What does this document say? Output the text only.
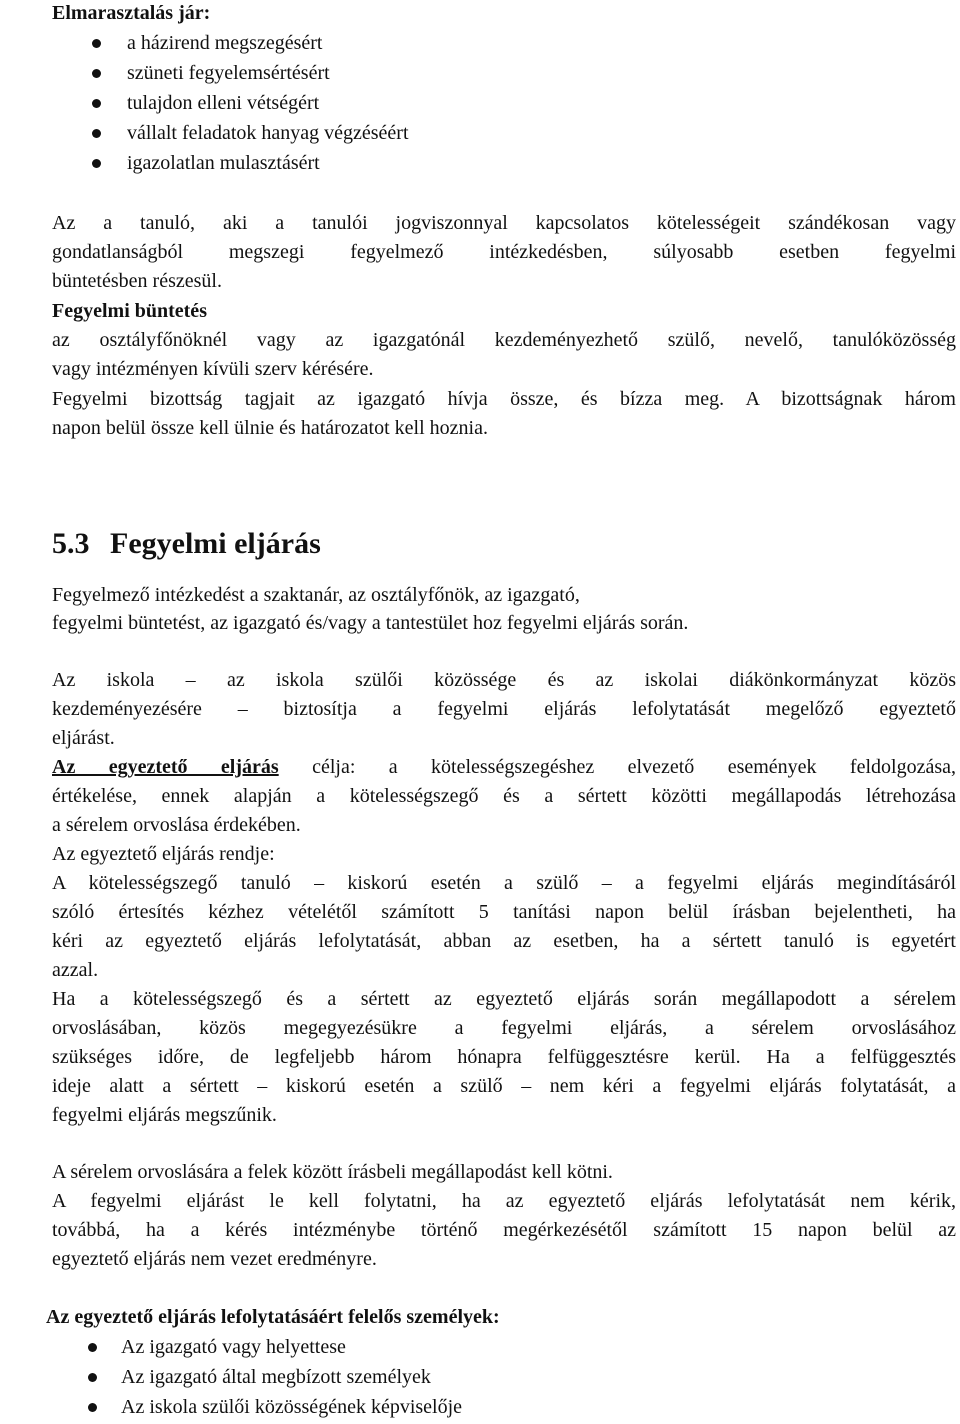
Elmarasztalás jár:
a házirend megszegésért
szüneti fegyelemsértésért
tulajdon elleni vétségért
vállalt feladatok hanyag végzéséért
igazolatlan mulasztásért
Az a tanuló, aki a tanulói jogviszonnyal kapcsolatos kötelességeit szándékosan vagy
gondatlanságból megszegi fegyelmező intézkedésben, súlyosabb esetben fegyelmi
büntetésben részesül.
Fegyelmi büntetés
az osztályfőnöknél vagy az igazgatónál kezdeményezhető szülő, nevelő, tanulóközösség
vagy intézményen kívüli szerv kérésére.
Fegyelmi bizottság tagjait az igazgató hívja össze, és bízza meg. A bizottságnak három
napon belül össze kell ülnie és határozatot kell hoznia.
5.3 Fegyelmi eljárás
Fegyelmező intézkedést a szaktanár, az osztályfőnök, az igazgató,
fegyelmi büntetést, az igazgató és/vagy a tantestület hoz fegyelmi eljárás során.
Az iskola – az iskola szülői közössége és az iskolai diákönkormányzat közös
kezdeményezésére – biztosítja a fegyelmi eljárás lefolytatását megelőző egyeztető
eljárást.
Az egyeztető eljárás célja: a kötelességszegéshez elvezető események feldolgozása,
értékelése, ennek alapján a kötelességszegő és a sértett közötti megállapodás létrehozása
a sérelem orvoslása érdekében.
Az egyeztető eljárás rendje:
A kötelességszegő tanuló – kiskorú esetén a szülő – a fegyelmi eljárás megindításáról
szóló értesítés kézhez vételétől számított 5 tanítási napon belül írásban bejelentheti, ha
kéri az egyeztető eljárás lefolytatását, abban az esetben, ha a sértett tanuló is egyetért
azzal.
Ha a kötelességszegő és a sértett az egyeztető eljárás során megállapodott a sérelem
orvoslásában, közös megegyezésükre a fegyelmi eljárás, a sérelem orvoslásához
szükséges időre, de legfeljebb három hónapra felfüggesztésre kerül. Ha a felfüggesztés
ideje alatt a sértett – kiskorú esetén a szülő – nem kéri a fegyelmi eljárás folytatását, a
fegyelmi eljárás megszűnik.
A sérelem orvoslására a felek között írásbeli megállapodást kell kötni.
A fegyelmi eljárást le kell folytatni, ha az egyeztető eljárás lefolytatását nem kérik,
továbbá, ha a kérés intézménybe történő megérkezésétől számított 15 napon belül az
egyeztető eljárás nem vezet eredményre.
Az egyeztető eljárás lefolytatásáért felelős személyek:
Az igazgató vagy helyettese
Az igazgató által megbízott személyek
Az iskola szülői közösségének képviselője
